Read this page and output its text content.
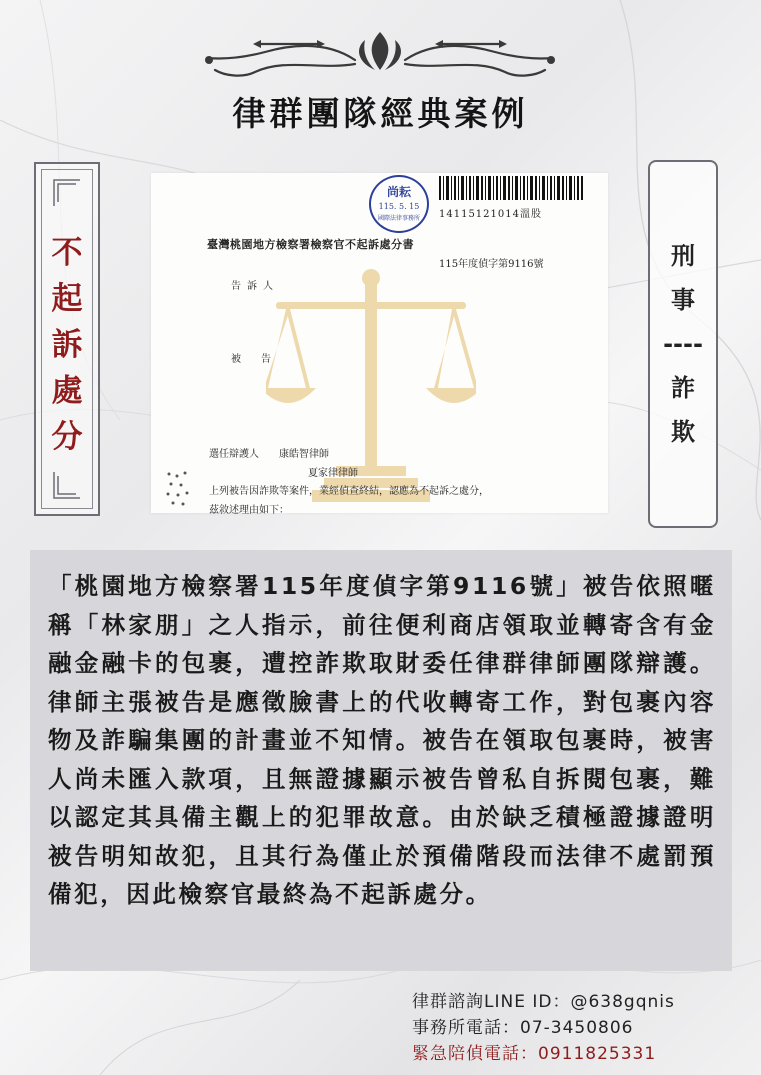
律群團隊經典案例
不
起
訴
處
分
尚耘
115. 5. 15
國際法律事務所	14115121014溫股
臺灣桃園地方檢察署檢察官不起訴處分書
115年度偵字第9116號
告訴人
被告
選任辯護人 康皓智律師
夏家律律師
上列被告因詐欺等案件，業經偵查終結，認應為不起訴之處分，
茲敘述理由如下：
刑
事
----
詐
欺

「桃園地方檢察署115年度偵字第9116號」被告依照暱稱「林家朋」之人指示，前往便利商店領取並轉寄含有金融金融卡的包裹，遭控詐欺取財委任律群律師團隊辯護。律師主張被告是應徵臉書上的代收轉寄工作，對包裹內容物及詐騙集團的計畫並不知情。被告在領取包裹時，被害人尚未匯入款項，且無證據顯示被告曾私自拆閱包裹，難以認定其具備主觀上的犯罪故意。由於缺乏積極證據證明被告明知故犯，且其行為僅止於預備階段而法律不處罰預備犯，因此檢察官最終為不起訴處分。

律群諮詢LINE ID：@638gqnis
事務所電話：07-3450806
緊急陪偵電話：0911825331
